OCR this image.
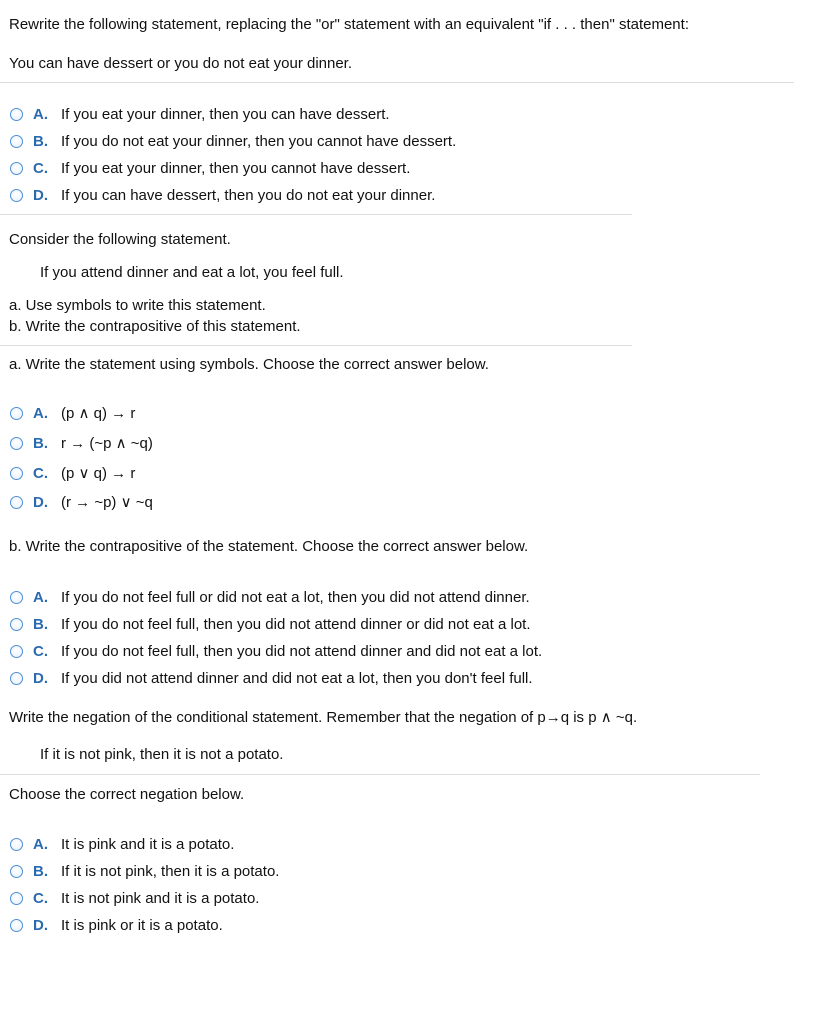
Rewrite the following statement, replacing the "or" statement with an equivalent "if . . . then" statement:
You can have dessert or you do not eat your dinner.
A. If you eat your dinner, then you can have dessert.
B. If you do not eat your dinner, then you cannot have dessert.
C. If you eat your dinner, then you cannot have dessert.
D. If you can have dessert, then you do not eat your dinner.
Consider the following statement.
If you attend dinner and eat a lot, you feel full.
a. Use symbols to write this statement.
b. Write the contrapositive of this statement.
a. Write the statement using symbols. Choose the correct answer below.
A. (p ∧ q) → r
B. r → (~p ∧ ~q)
C. (p ∨ q) → r
D. (r → ~p) ∨ ~q
b. Write the contrapositive of the statement. Choose the correct answer below.
A. If you do not feel full or did not eat a lot, then you did not attend dinner.
B. If you do not feel full, then you did not attend dinner or did not eat a lot.
C. If you do not feel full, then you did not attend dinner and did not eat a lot.
D. If you did not attend dinner and did not eat a lot, then you don't feel full.
Write the negation of the conditional statement. Remember that the negation of p→q is p ∧ ~q.
If it is not pink, then it is not a potato.
Choose the correct negation below.
A. It is pink and it is a potato.
B. If it is not pink, then it is a potato.
C. It is not pink and it is a potato.
D. It is pink or it is a potato.
